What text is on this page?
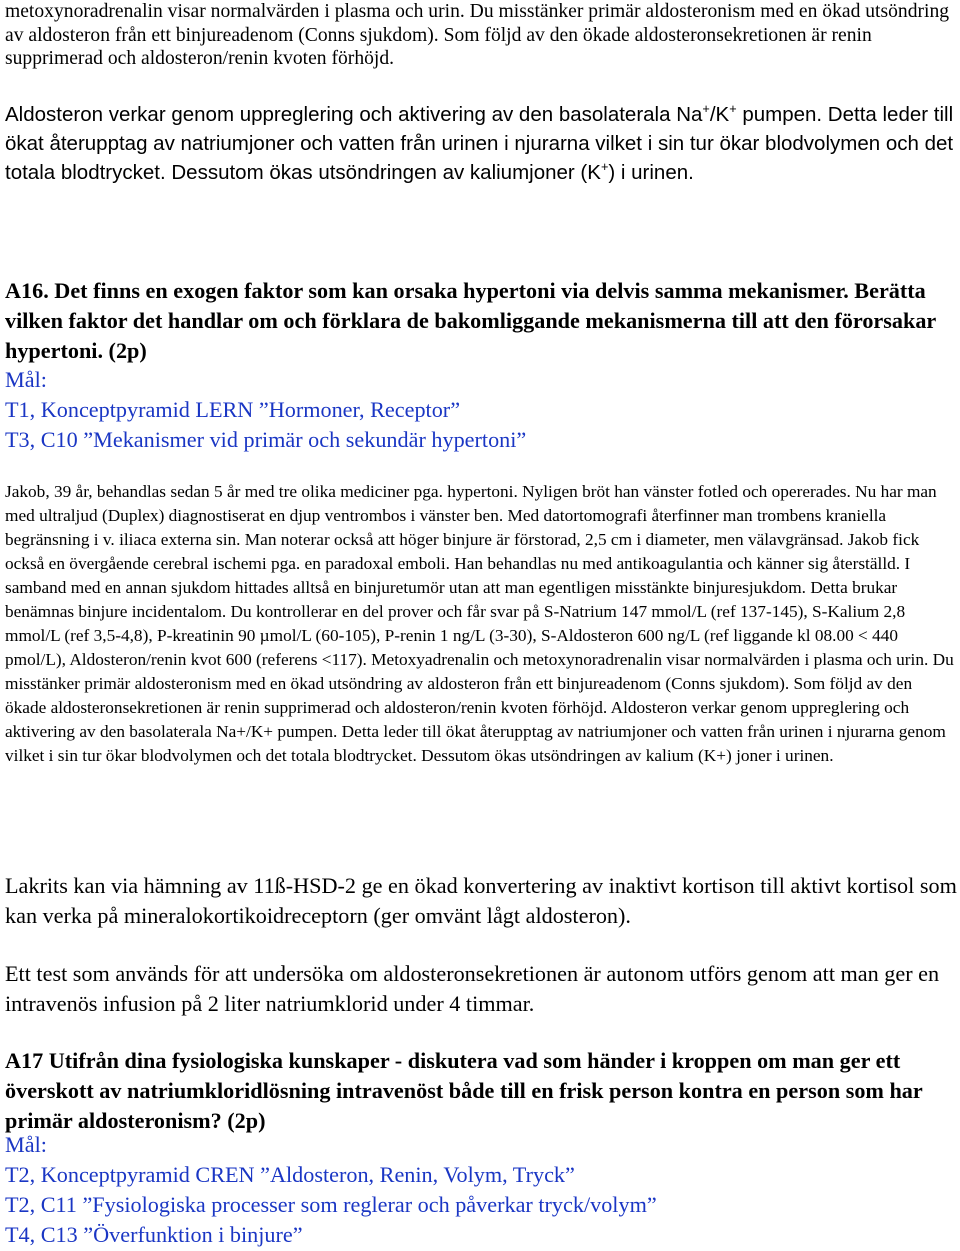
metoxynoradrenalin visar normalvärden i plasma och urin. Du misstänker primär aldosteronism med en ökad utsöndring av aldosteron från ett binjureadenom (Conns sjukdom). Som följd av den ökade aldosteronsekretionen är renin supprimerad och aldosteron/renin kvoten förhöjd.

Aldosteron verkar genom uppreglering och aktivering av den basolaterala Na+/K+ pumpen. Detta leder till ökat återupptag av natriumjoner och vatten från urinen i njurarna vilket i sin tur ökar blodvolymen och det totala blodtrycket. Dessutom ökas utsöndringen av kaliumjoner (K+) i urinen.

A16. Det finns en exogen faktor som kan orsaka hypertoni via delvis samma mekanismer. Berätta vilken faktor det handlar om och förklara de bakomliggande mekanismerna till att den förorsakar hypertoni. (2p)

Mål:

T1, Konceptpyramid LERN ”Hormoner, Receptor”

T3, C10 ”Mekanismer vid primär och sekundär hypertoni”

Jakob, 39 år, behandlas sedan 5 år med tre olika mediciner pga. hypertoni. Nyligen bröt han vänster fotled och opererades. Nu har man med ultraljud (Duplex) diagnostiserat en djup ventrombos i vänster ben. Med datortomografi återfinner man trombens kraniella begränsning i v. iliaca externa sin. Man noterar också att höger binjure är förstorad, 2,5 cm i diameter, men välavgränsad. Jakob fick också en övergående cerebral ischemi pga. en paradoxal emboli. Han behandlas nu med antikoagulantia och känner sig återställd. I samband med en annan sjukdom hittades alltså en binjuretumör utan att man egentligen misstänkte binjuresjukdom. Detta brukar benämnas binjure incidentalom. Du kontrollerar en del prover och får svar på S-Natrium 147 mmol/L (ref 137-145), S-Kalium 2,8 mmol/L (ref 3,5-4,8), P-kreatinin 90 µmol/L (60-105), P-renin 1 ng/L (3-30), S-Aldosteron 600 ng/L (ref liggande kl 08.00 < 440 pmol/L), Aldosteron/renin kvot 600 (referens <117). Metoxyadrenalin och metoxynoradrenalin visar normalvärden i plasma och urin. Du misstänker primär aldosteronism med en ökad utsöndring av aldosteron från ett binjureadenom (Conns sjukdom). Som följd av den ökade aldosteronsekretionen är renin supprimerad och aldosteron/renin kvoten förhöjd. Aldosteron verkar genom uppreglering och aktivering av den basolaterala Na+/K+ pumpen. Detta leder till ökat återupptag av natriumjoner och vatten från urinen i njurarna genom vilket i sin tur ökar blodvolymen och det totala blodtrycket. Dessutom ökas utsöndringen av kalium (K+) joner i urinen.

Lakrits kan via hämning av 11ß-HSD-2 ge en ökad konvertering av inaktivt kortison till aktivt kortisol som kan verka på mineralokortikoidreceptorn (ger omvänt lågt aldosteron).

Ett test som används för att undersöka om aldosteronsekretionen är autonom utförs genom att man ger en intravenös infusion på 2 liter natriumklorid under 4 timmar.

A17 Utifrån dina fysiologiska kunskaper - diskutera vad som händer i kroppen om man ger ett överskott av natriumkloridlösning intravenöst både till en frisk person kontra en person som har primär aldosteronism? (2p)

Mål:

T2, Konceptpyramid CREN ”Aldosteron, Renin, Volym, Tryck”

T2, C11 ”Fysiologiska processer som reglerar och påverkar tryck/volym”

T4, C13 ”Överfunktion i binjure”
